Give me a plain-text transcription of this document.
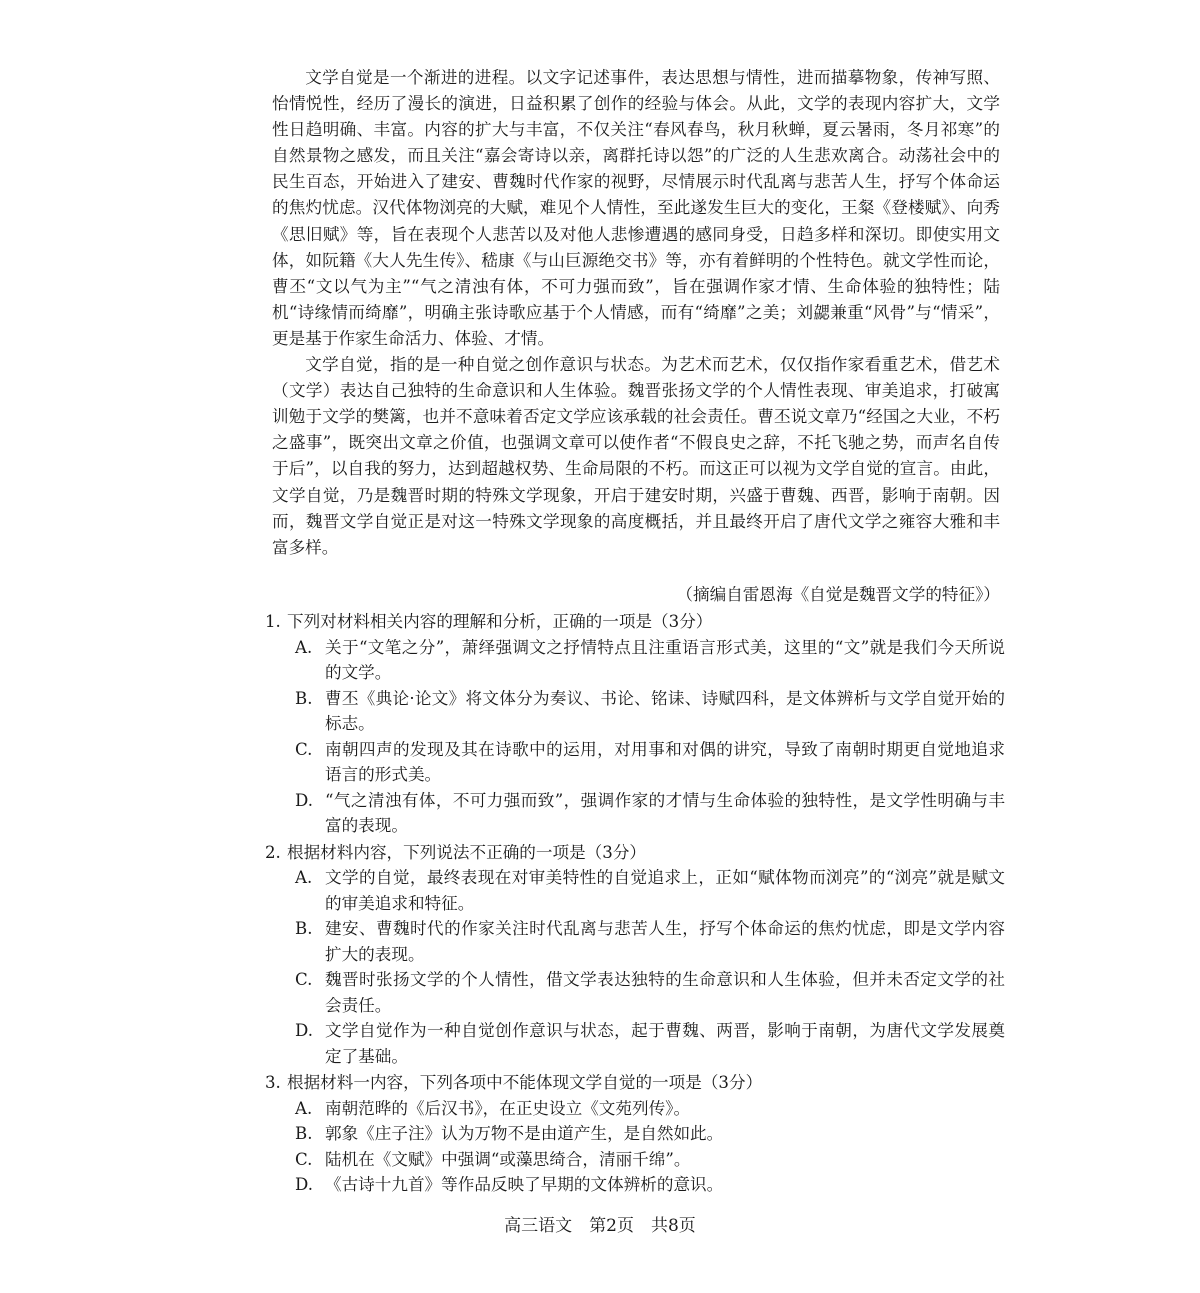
文学自觉是一个渐进的进程。以文字记述事件，表达思想与情性，进而描摹物象，传神写照、怡情悦性，经历了漫长的演进，日益积累了创作的经验与体会。从此，文学的表现内容扩大，文学性日趋明确、丰富。内容的扩大与丰富，不仅关注“春风春鸟，秋月秋蝉，夏云暑雨，冬月祁寒”的自然景物之感发，而且关注“嘉会寄诗以亲，离群托诗以怨”的广泛的人生悲欢离合。动荡社会中的民生百态，开始进入了建安、曹魏时代作家的视野，尽情展示时代乱离与悲苦人生，抒写个体命运的焦灼忧虑。汉代体物浏亮的大赋，难见个人情性，至此遂发生巨大的变化，王粲《登楼赋》、向秀《思旧赋》等，旨在表现个人悲苦以及对他人悲惨遭遇的感同身受，日趋多样和深切。即使实用文体，如阮籍《大人先生传》、嵇康《与山巨源绝交书》等，亦有着鲜明的个性特色。就文学性而论，曹丕“文以气为主”“气之清浊有体，不可力强而致”，旨在强调作家才情、生命体验的独特性；陆机“诗缘情而绮靡”，明确主张诗歌应基于个人情感，而有“绮靡”之美；刘勰兼重“风骨”与“情采”，更是基于作家生命活力、体验、才情。

文学自觉，指的是一种自觉之创作意识与状态。为艺术而艺术，仅仅指作家看重艺术，借艺术（文学）表达自己独特的生命意识和人生体验。魏晋张扬文学的个人情性表现、审美追求，打破寓训勉于文学的樊篱，也并不意味着否定文学应该承载的社会责任。曹丕说文章乃“经国之大业，不朽之盛事”，既突出文章之价值，也强调文章可以使作者“不假良史之辞，不托飞驰之势，而声名自传于后”，以自我的努力，达到超越权势、生命局限的不朽。而这正可以视为文学自觉的宣言。由此，文学自觉，乃是魏晋时期的特殊文学现象，开启于建安时期，兴盛于曹魏、西晋，影响于南朝。因而，魏晋文学自觉正是对这一特殊文学现象的高度概括，并且最终开启了唐代文学之雍容大雅和丰富多样。

（摘编自雷恩海《自觉是魏晋文学的特征》）
1. 下列对材料相关内容的理解和分析，正确的一项是（3分）
A. 关于“文笔之分”，萧绎强调文之抒情特点且注重语言形式美，这里的“文”就是我们今天所说的文学。
B. 曹丕《典论·论文》将文体分为奏议、书论、铭诔、诗赋四科，是文体辨析与文学自觉开始的标志。
C. 南朝四声的发现及其在诗歌中的运用，对用事和对偶的讲究，导致了南朝时期更自觉地追求语言的形式美。
D. “气之清浊有体，不可力强而致”，强调作家的才情与生命体验的独特性，是文学性明确与丰富的表现。
2. 根据材料内容，下列说法不正确的一项是（3分）
A. 文学的自觉，最终表现在对审美特性的自觉追求上，正如“赋体物而浏亮”的“浏亮”就是赋文的审美追求和特征。
B. 建安、曹魏时代的作家关注时代乱离与悲苦人生，抒写个体命运的焦灼忧虑，即是文学内容扩大的表现。
C. 魏晋时张扬文学的个人情性，借文学表达独特的生命意识和人生体验，但并未否定文学的社会责任。
D. 文学自觉作为一种自觉创作意识与状态，起于曹魏、两晋，影响于南朝，为唐代文学发展奠定了基础。
3. 根据材料一内容，下列各项中不能体现文学自觉的一项是（3分）
A. 南朝范晔的《后汉书》，在正史设立《文苑列传》。
B. 郭象《庄子注》认为万物不是由道产生，是自然如此。
C. 陆机在《文赋》中强调“或藻思绮合，清丽千绵”。
D. 《古诗十九首》等作品反映了早期的文体辨析的意识。
高三语文　第2页　共8页
